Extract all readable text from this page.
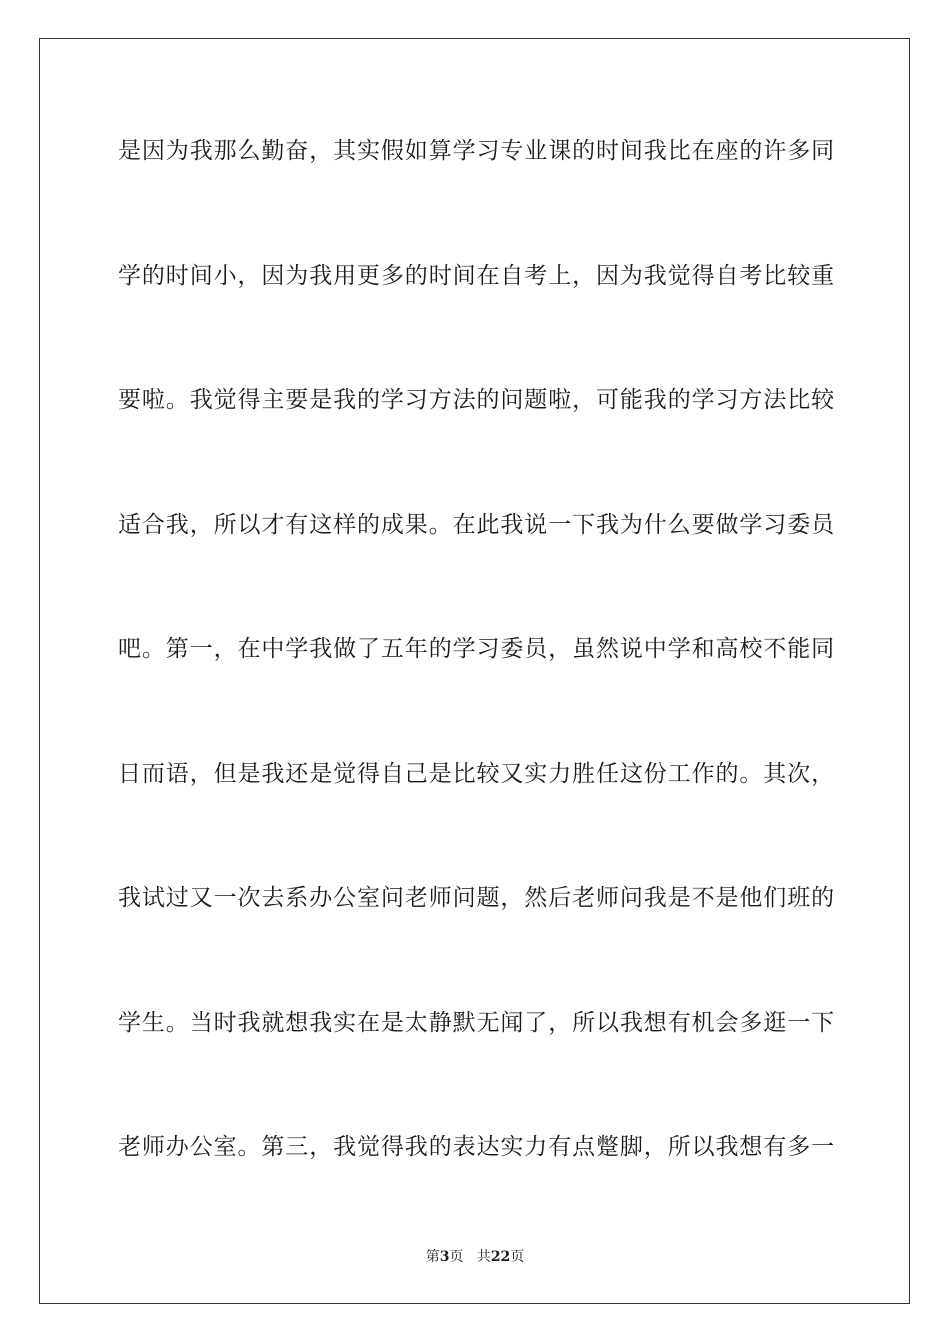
是因为我那么勤奋，其实假如算学习专业课的时间我比在座的许多同
学的时间小，因为我用更多的时间在自考上，因为我觉得自考比较重
要啦。我觉得主要是我的学习方法的问题啦，可能我的学习方法比较
适合我，所以才有这样的成果。在此我说一下我为什么要做学习委员
吧。第一，在中学我做了五年的学习委员，虽然说中学和高校不能同
日而语，但是我还是觉得自己是比较又实力胜任这份工作的。其次，
我试过又一次去系办公室问老师问题，然后老师问我是不是他们班的
学生。当时我就想我实在是太静默无闻了，所以我想有机会多逛一下
老师办公室。第三，我觉得我的表达实力有点蹩脚，所以我想有多一
第3页 共22页
